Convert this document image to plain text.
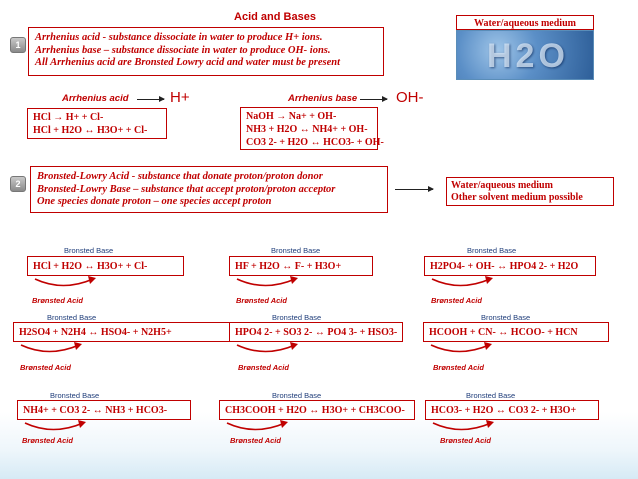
Acid and Bases
1
Arrhenius acid - substance dissociate in water to produce H+ ions.
Arrhenius base – substance dissociate in water to produce OH- ions.
All Arrhenius acid are Bronsted Lowry acid and water must be present
Water/aqueous medium
H2O
Arrhenius acid	H+	Arrhenius base	OH-
HCl → H+ + Cl-
HCl + H2O ↔ H3O+ + Cl-
NaOH → Na+ + OH-
NH3 + H2O ↔ NH4+ + OH-
CO3 2- + H2O ↔ HCO3- + OH-
2
Bronsted-Lowry Acid - substance that donate proton/proton donor
Bronsted-Lowry Base – substance that accept proton/proton acceptor
One species donate proton – one species accept proton
Water/aqueous medium
Other solvent medium possible
HCl + H2O ↔ H3O+ + Cl-
Bronsted Base
Brønsted Acid
HF + H2O ↔ F- + H3O+
Bronsted Base
Brønsted Acid
H2PO4- + OH- ↔ HPO4 2- + H2O
Bronsted Base
Brønsted Acid
H2SO4 + N2H4 ↔ HSO4- + N2H5+
Bronsted Base
Brønsted Acid
HPO4 2- + SO3 2- ↔ PO4 3- + HSO3-
Bronsted Base
Brønsted Acid
HCOOH + CN- ↔ HCOO- + HCN
Bronsted Base
Brønsted Acid
NH4+ + CO3 2- ↔ NH3 + HCO3-
Bronsted Base
Brønsted Acid
CH3COOH + H2O ↔ H3O+ + CH3COO-
Bronsted Base
Brønsted Acid
HCO3- + H2O ↔ CO3 2- + H3O+
Bronsted Base
Brønsted Acid
